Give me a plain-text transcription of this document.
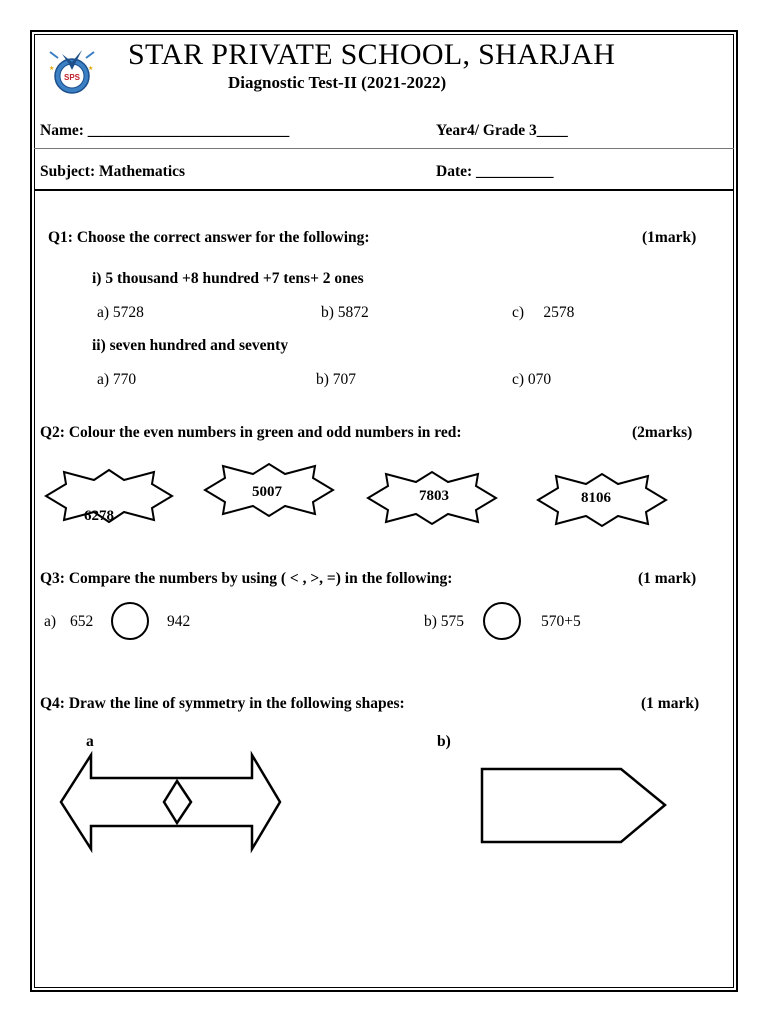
★	★
SPS
STAR PRIVATE SCHOOL, SHARJAH
Diagnostic Test-II (2021-2022)
Name: __________________________	Year4/ Grade 3____
Subject: Mathematics	Date: __________
Q1: Choose the correct answer for the following:	(1mark)
i) 5 thousand +8 hundred +7 tens+ 2 ones
a) 5728	b) 5872	c)     2578
ii) seven hundred and seventy
a) 770	b) 707	c) 070
Q2: Colour the even numbers in green and odd numbers in red:	(2marks)
6278
5007	7803	8106
Q3: Compare the numbers by using ( < , >, =) in the following:	(1 mark)
a) 652	942	b) 575	570+5
Q4: Draw the line of symmetry in the following shapes:	(1 mark)
a	b)
